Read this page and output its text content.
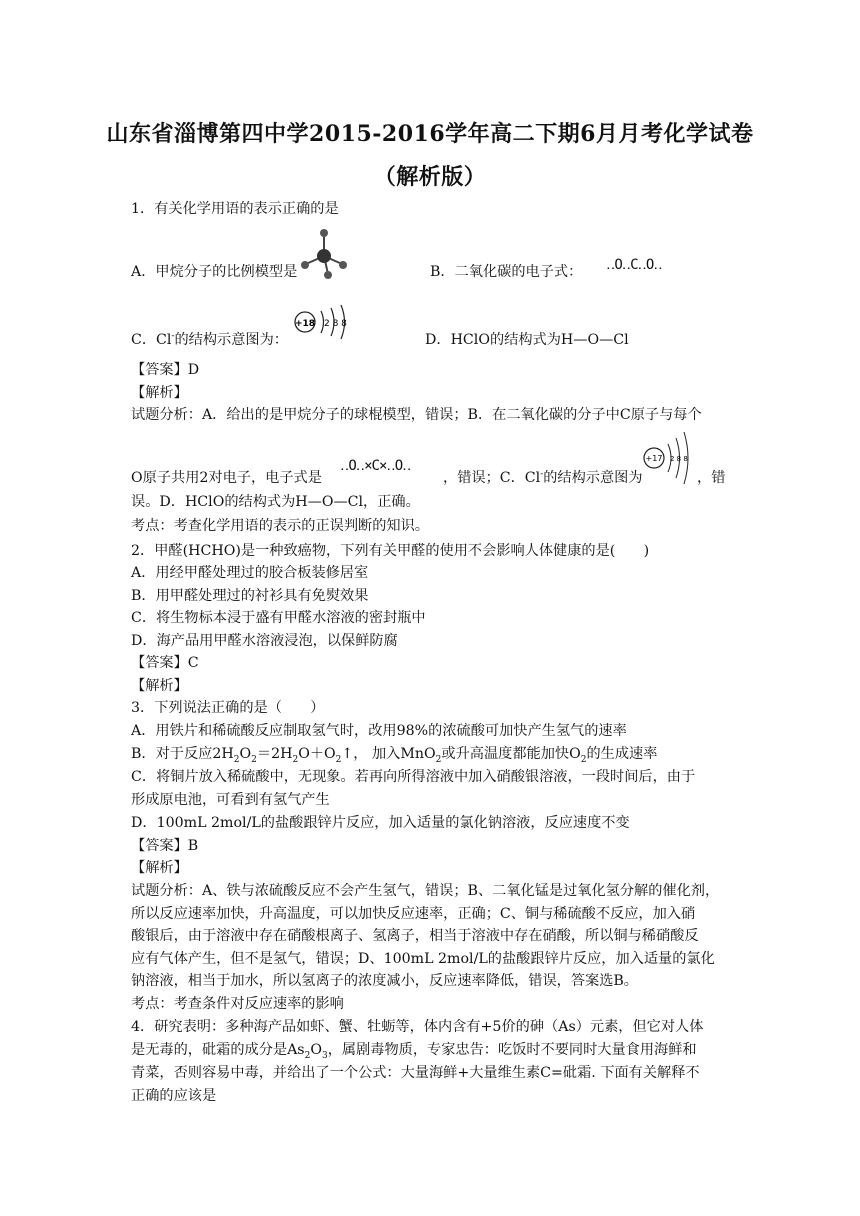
山东省淄博第四中学2015-2016学年高二下期6月月考化学试卷
（解析版）
1．有关化学用语的表示正确的是
A．甲烷分子的比例模型是	B．二氧化碳的电子式： ‥O‥C‥O‥
+18 2 8 8
C．Cl-的结构示意图为：	D．HClO的结构式为H—O—Cl
【答案】D
【解析】
试题分析：A．给出的是甲烷分子的球棍模型，错误；B．在二氧化碳的分子中C原子与每个
‥O‥×C×‥O‥	+17 2 8 8
O原子共用2对电子，电子式是	，错误；C．Cl-的结构示意图为	，错
误。D．HClO的结构式为H—O—Cl，正确。
考点：考查化学用语的表示的正误判断的知识。
2．甲醛(HCHO)是一种致癌物，下列有关甲醛的使用不会影响人体健康的是(　　)
A．用经甲醛处理过的胶合板装修居室
B．用甲醛处理过的衬衫具有免熨效果
C．将生物标本浸于盛有甲醛水溶液的密封瓶中
D．海产品用甲醛水溶液浸泡，以保鲜防腐
【答案】C
【解析】
3．下列说法正确的是（　　）
A．用铁片和稀硫酸反应制取氢气时，改用98%的浓硫酸可加快产生氢气的速率
B．对于反应$2H_2O_2=2H_2O+O_2↑$， 加入MnO$_2$或升高温度都能加快$O_2$的生成速率
C．将铜片放入稀硫酸中，无现象。若再向所得溶液中加入硝酸银溶液，一段时间后，由于
形成原电池，可看到有氢气产生
D．100mL 2mol/L的盐酸跟锌片反应，加入适量的氯化钠溶液，反应速度不变
【答案】B
【解析】
试题分析：A、铁与浓硫酸反应不会产生氢气，错误；B、二氧化锰是过氧化氢分解的催化剂，
所以反应速率加快，升高温度，可以加快反应速率，正确；C、铜与稀硫酸不反应，加入硝
酸银后，由于溶液中存在硝酸根离子、氢离子，相当于溶液中存在硝酸，所以铜与稀硝酸反
应有气体产生，但不是氢气，错误；D、100mL 2mol/L的盐酸跟锌片反应，加入适量的氯化
钠溶液，相当于加水，所以氢离子的浓度减小，反应速率降低，错误，答案选B。
考点：考查条件对反应速率的影响
4．研究表明：多种海产品如虾、蟹、牡蛎等，体内含有+5价的砷（As）元素，但它对人体
是无毒的，砒霜的成分是$As_2O_3$，属剧毒物质，专家忠告：吃饭时不要同时大量食用海鲜和
青菜，否则容易中毒，并给出了一个公式：大量海鲜+大量维生素C=砒霜. 下面有关解释不
正确的应该是
